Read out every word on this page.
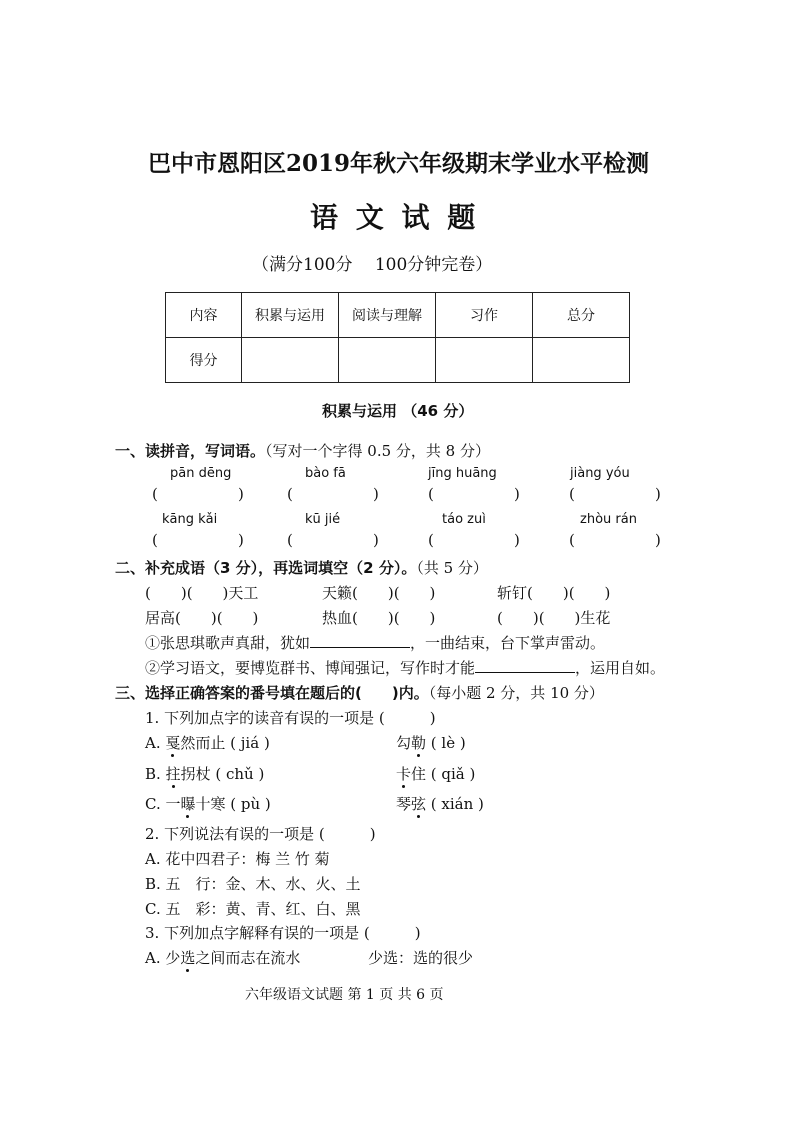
巴中市恩阳区2019年秋六年级期末学业水平检测
语 文 试 题
（满分100分　 100分钟完卷）
内容	积累与运用	阅读与理解	习作	总分
得分				
积累与运用 （46 分）
一、读拼音，写词语。（写对一个字得 0.5 分，共 8 分）
pān dēng	bào fā	jīng huāng	jiàng yóu
(	)	(	)	(	)	(	)
kāng kǎi	kū jié	táo zuì	zhòu rán
(	)	(	)	(	)	(	)
二、补充成语（3 分），再选词填空（2 分）。（共 5 分）
(　　)(　　)天工	天籁(　　)(　　)	斩钉(　　)(　　)
居高(　　)(　　)	热血(　　)(　　)	(　　)(　　)生花
①张思琪歌声真甜，犹如	，一曲结束，台下掌声雷动。
②学习语文，要博览群书、博闻强记，写作时才能	，运用自如。
三、选择正确答案的番号填在题后的(　　)内。（每小题 2 分，共 10 分）
1. 下列加点字的读音有误的一项是 (　　　)
A. 戛然而止 ( jiá )	勾勒 ( lè )
B. 拄拐杖 ( chǔ )	卡住 ( qiǎ )
C. 一曝十寒 ( pù )	琴弦 ( xián )
2. 下列说法有误的一项是 (　　　)
A. 花中四君子：梅 兰 竹 菊
B. 五　行：金、木、水、火、土
C. 五　彩：黄、青、红、白、黑
3. 下列加点字解释有误的一项是 (　　　)
A. 少选之间而志在流水	少选：选的很少
六年级语文试题 第 1 页 共 6 页
